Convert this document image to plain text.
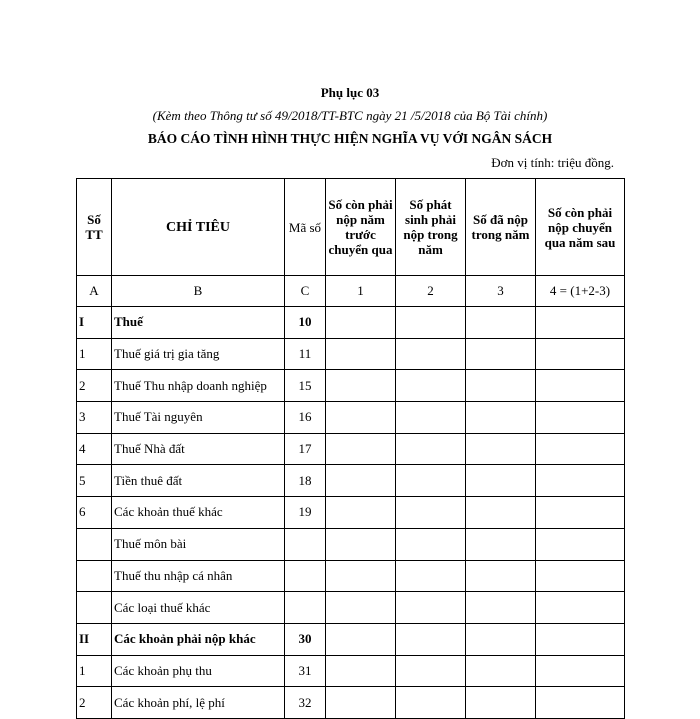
Phụ lục 03
(Kèm theo Thông tư số 49/2018/TT-BTC ngày 21 /5/2018 của Bộ Tài chính)
BÁO CÁO TÌNH HÌNH THỰC HIỆN NGHĨA VỤ VỚI NGÂN SÁCH
Đơn vị tính: triệu đồng.
Số TT	CHỈ TIÊU	Mã số	Số còn phải nộp năm trước chuyển qua	Số phát sinh phải nộp trong năm	Số đã nộp trong năm	Số còn phải nộp chuyển qua năm sau
A	B	C	1	2	3	4 = (1+2-3)
I	Thuế	10				
1	Thuế giá trị gia tăng	11				
2	Thuế Thu nhập doanh nghiệp	15				
3	Thuế Tài nguyên	16				
4	Thuế Nhà đất	17				
5	Tiền thuê đất	18				
6	Các khoản thuế khác	19				
	Thuế môn bài					
	Thuế thu nhập cá nhân					
	Các loại thuế khác					
II	Các khoản phải nộp khác	30				
1	Các khoản phụ thu	31				
2	Các khoản phí, lệ phí	32				
